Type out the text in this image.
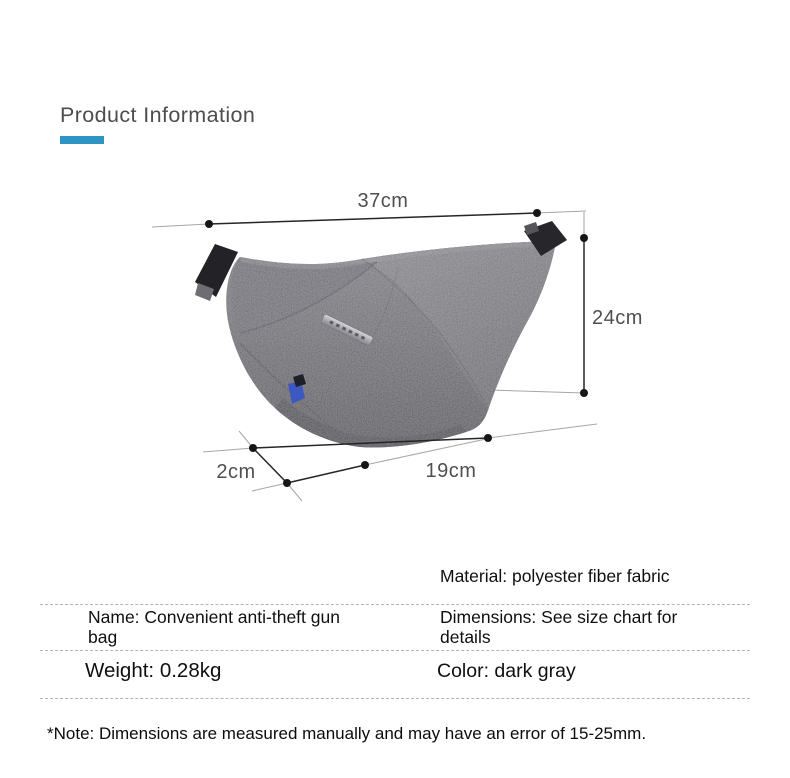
Product Information
37cm
24cm
19cm
2cm
Material: polyester fiber fabric
Name: Convenient anti-theft gun bag
Dimensions: See size chart for details
Weight: 0.28kg	Color: dark gray
*Note: Dimensions are measured manually and may have an error of 15-25mm.
